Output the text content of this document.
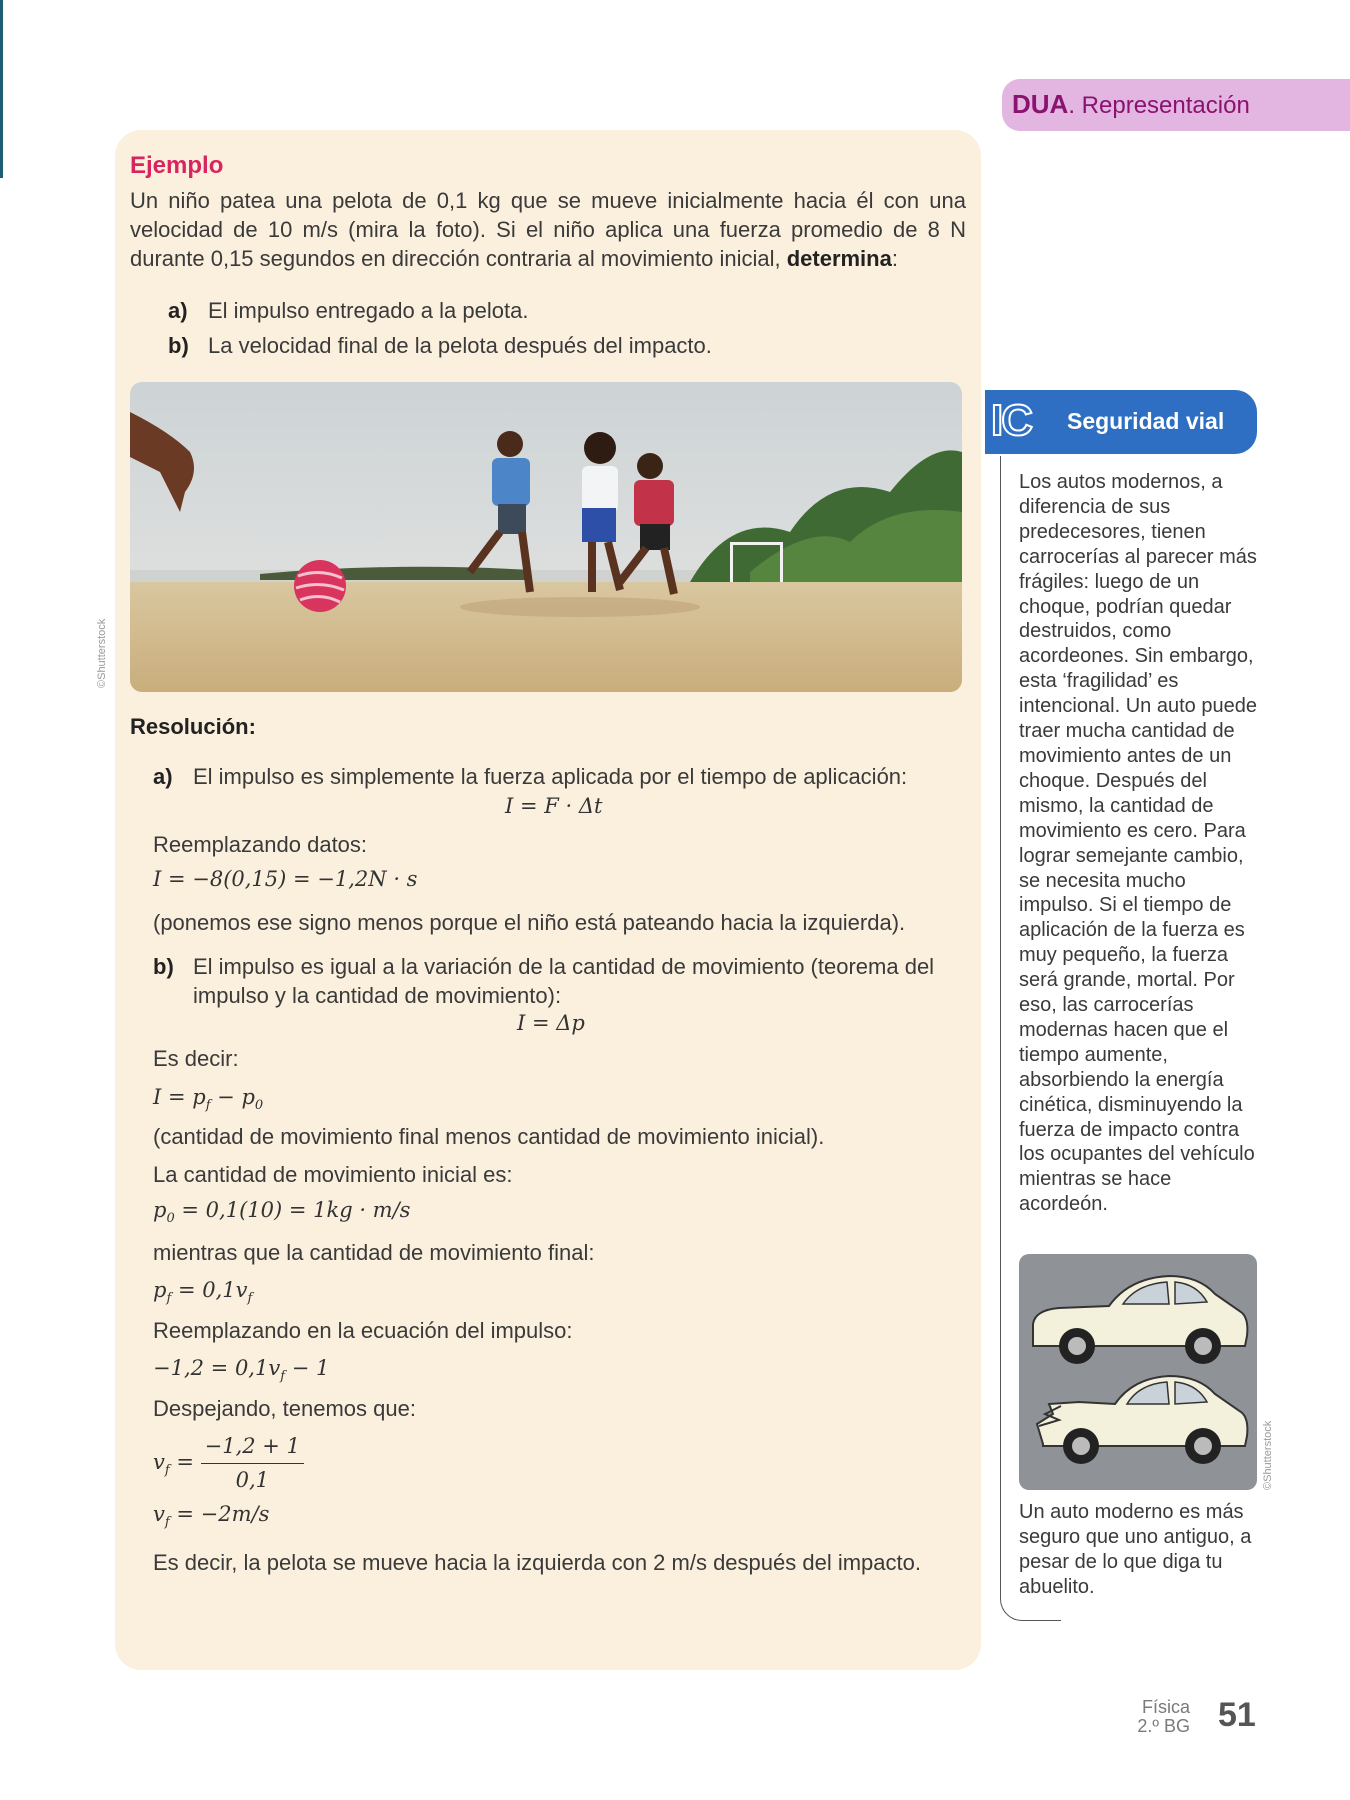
DUA. Representación
Ejemplo
Un niño patea una pelota de 0,1 kg que se mueve inicialmente hacia él con una velocidad de 10 m/s (mira la foto). Si el niño aplica una fuerza promedio de 8 N durante 0,15 segundos en dirección contraria al movimiento inicial, determina:
a) El impulso entregado a la pelota.
b) La velocidad final de la pelota después del impacto.
Resolución:
a) El impulso es simplemente la fuerza aplicada por el tiempo de aplicación:
I = F · Δt
Reemplazando datos:
I = −8(0,15) = −1,2N · s
(ponemos ese signo menos porque el niño está pateando hacia la izquierda).
b) El impulso es igual a la variación de la cantidad de movimiento (teorema del
impulso y la cantidad de movimiento):
I = Δp
Es decir:
$I = p_f - p_0$
(cantidad de movimiento final menos cantidad de movimiento inicial).
La cantidad de movimiento inicial es:
$p_0 = 0,1(10) = 1kg \cdot m/s$
mientras que la cantidad de movimiento final:
$p_f = 0,1v_f$
Reemplazando en la ecuación del impulso:
$-1,2 = 0,1v_f - 1$
Despejando, tenemos que:
$v_f = \frac{-1,2 + 1}{0,1}$
$v_f = -2m/s$
Es decir, la pelota se mueve hacia la izquierda con 2 m/s después del impacto.
©Shutterstock
IC Seguridad vial
Los autos modernos, a diferencia de sus predecesores, tienen carrocerías al parecer más frágiles: luego de un choque, podrían quedar destruidos, como acordeones. Sin embargo, esta ‘fragilidad’ es intencional. Un auto puede traer mucha cantidad de movimiento antes de un choque. Después del mismo, la cantidad de movimiento es cero. Para lograr semejante cambio, se necesita mucho impulso. Si el tiempo de aplicación de la fuerza es muy pequeño, la fuerza será grande, mortal. Por eso, las carrocerías modernas hacen que el tiempo aumente, absorbiendo la energía cinética, disminuyendo la fuerza de impacto contra los ocupantes del vehículo mientras se hace acordeón.
©Shutterstock
Un auto moderno es más seguro que uno antiguo, a pesar de lo que diga tu abuelito.
Física
2.º BG 51
